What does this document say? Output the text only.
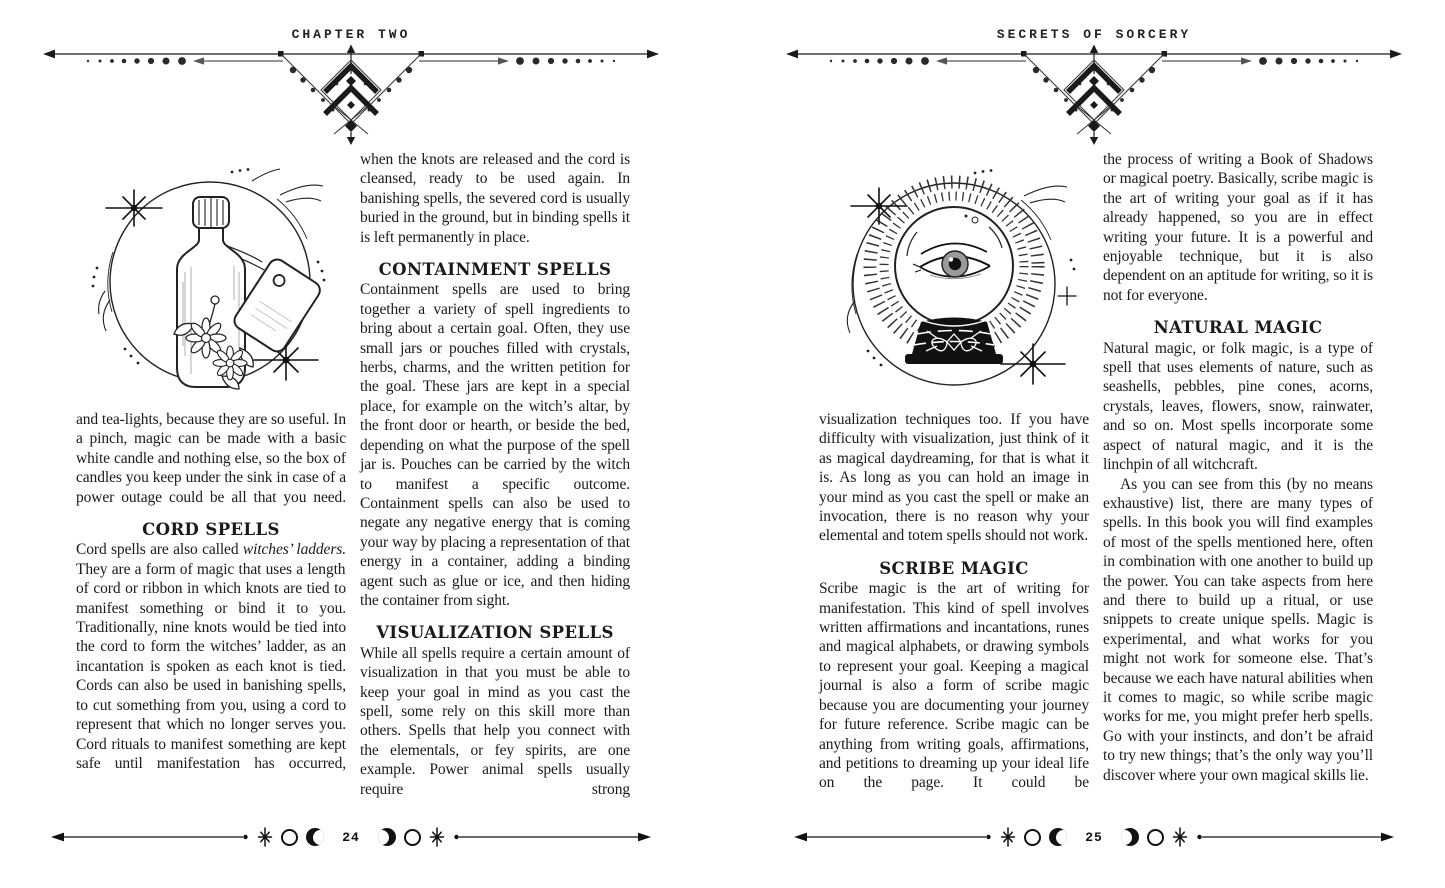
CHAPTER TWO

and tea-lights, because they are so useful. In a pinch, magic can be made with a basic white candle and nothing else, so the box of candles you keep under the sink in case of a power outage could be all that you need.

CORD SPELLS

Cord spells are also called witches’ ladders. They are a form of magic that uses a length of cord or ribbon in which knots are tied to manifest something or bind it to you. Traditionally, nine knots would be tied into the cord to form the witches’ ladder, as an incantation is spoken as each knot is tied. Cords can also be used in banishing spells, to cut something from you, using a cord to represent that which no longer serves you. Cord rituals to manifest something are kept safe until manifestation has occurred,

when the knots are released and the cord is cleansed, ready to be used again. In banishing spells, the severed cord is usually buried in the ground, but in binding spells it is left permanently in place.

CONTAINMENT SPELLS

Containment spells are used to bring together a variety of spell ingredients to bring about a certain goal. Often, they use small jars or pouches filled with crystals, herbs, charms, and the written petition for the goal. These jars are kept in a special place, for example on the witch’s altar, by the front door or hearth, or beside the bed, depending on what the purpose of the spell jar is. Pouches can be carried by the witch to manifest a specific outcome. Containment spells can also be used to negate any negative energy that is coming your way by placing a representation of that energy in a container, adding a binding agent such as glue or ice, and then hiding the container from sight.

VISUALIZATION SPELLS

While all spells require a certain amount of visualization in that you must be able to keep your goal in mind as you cast the spell, some rely on this skill more than others. Spells that help you connect with the elementals, or fey spirits, are one example. Power animal spells usually require strong

24
SECRETS OF SORCERY

visualization techniques too. If you have difficulty with visualization, just think of it as magical daydreaming, for that is what it is. As long as you can hold an image in your mind as you cast the spell or make an invocation, there is no reason why your elemental and totem spells should not work.

SCRIBE MAGIC

Scribe magic is the art of writing for manifestation. This kind of spell involves written affirmations and incantations, runes and magical alphabets, or drawing symbols to represent your goal. Keeping a magical journal is also a form of scribe magic because you are documenting your journey for future reference. Scribe magic can be anything from writing goals, affirmations, and petitions to dreaming up your ideal life on the page. It could be

the process of writing a Book of Shadows or magical poetry. Basically, scribe magic is the art of writing your goal as if it has already happened, so you are in effect writing your future. It is a powerful and enjoyable technique, but it is also dependent on an aptitude for writing, so it is not for everyone.

NATURAL MAGIC

Natural magic, or folk magic, is a type of spell that uses elements of nature, such as seashells, pebbles, pine cones, acorns, crystals, leaves, flowers, snow, rainwater, and so on. Most spells incorporate some aspect of natural magic, and it is the linchpin of all witchcraft.

As you can see from this (by no means exhaustive) list, there are many types of spells. In this book you will find examples of most of the spells mentioned here, often in combination with one another to build up the power. You can take aspects from here and there to build up a ritual, or use snippets to create unique spells. Magic is experimental, and what works for you might not work for someone else. That’s because we each have natural abilities when it comes to magic, so while scribe magic works for me, you might prefer herb spells. Go with your instincts, and don’t be afraid to try new things; that’s the only way you’ll discover where your own magical skills lie.

25
